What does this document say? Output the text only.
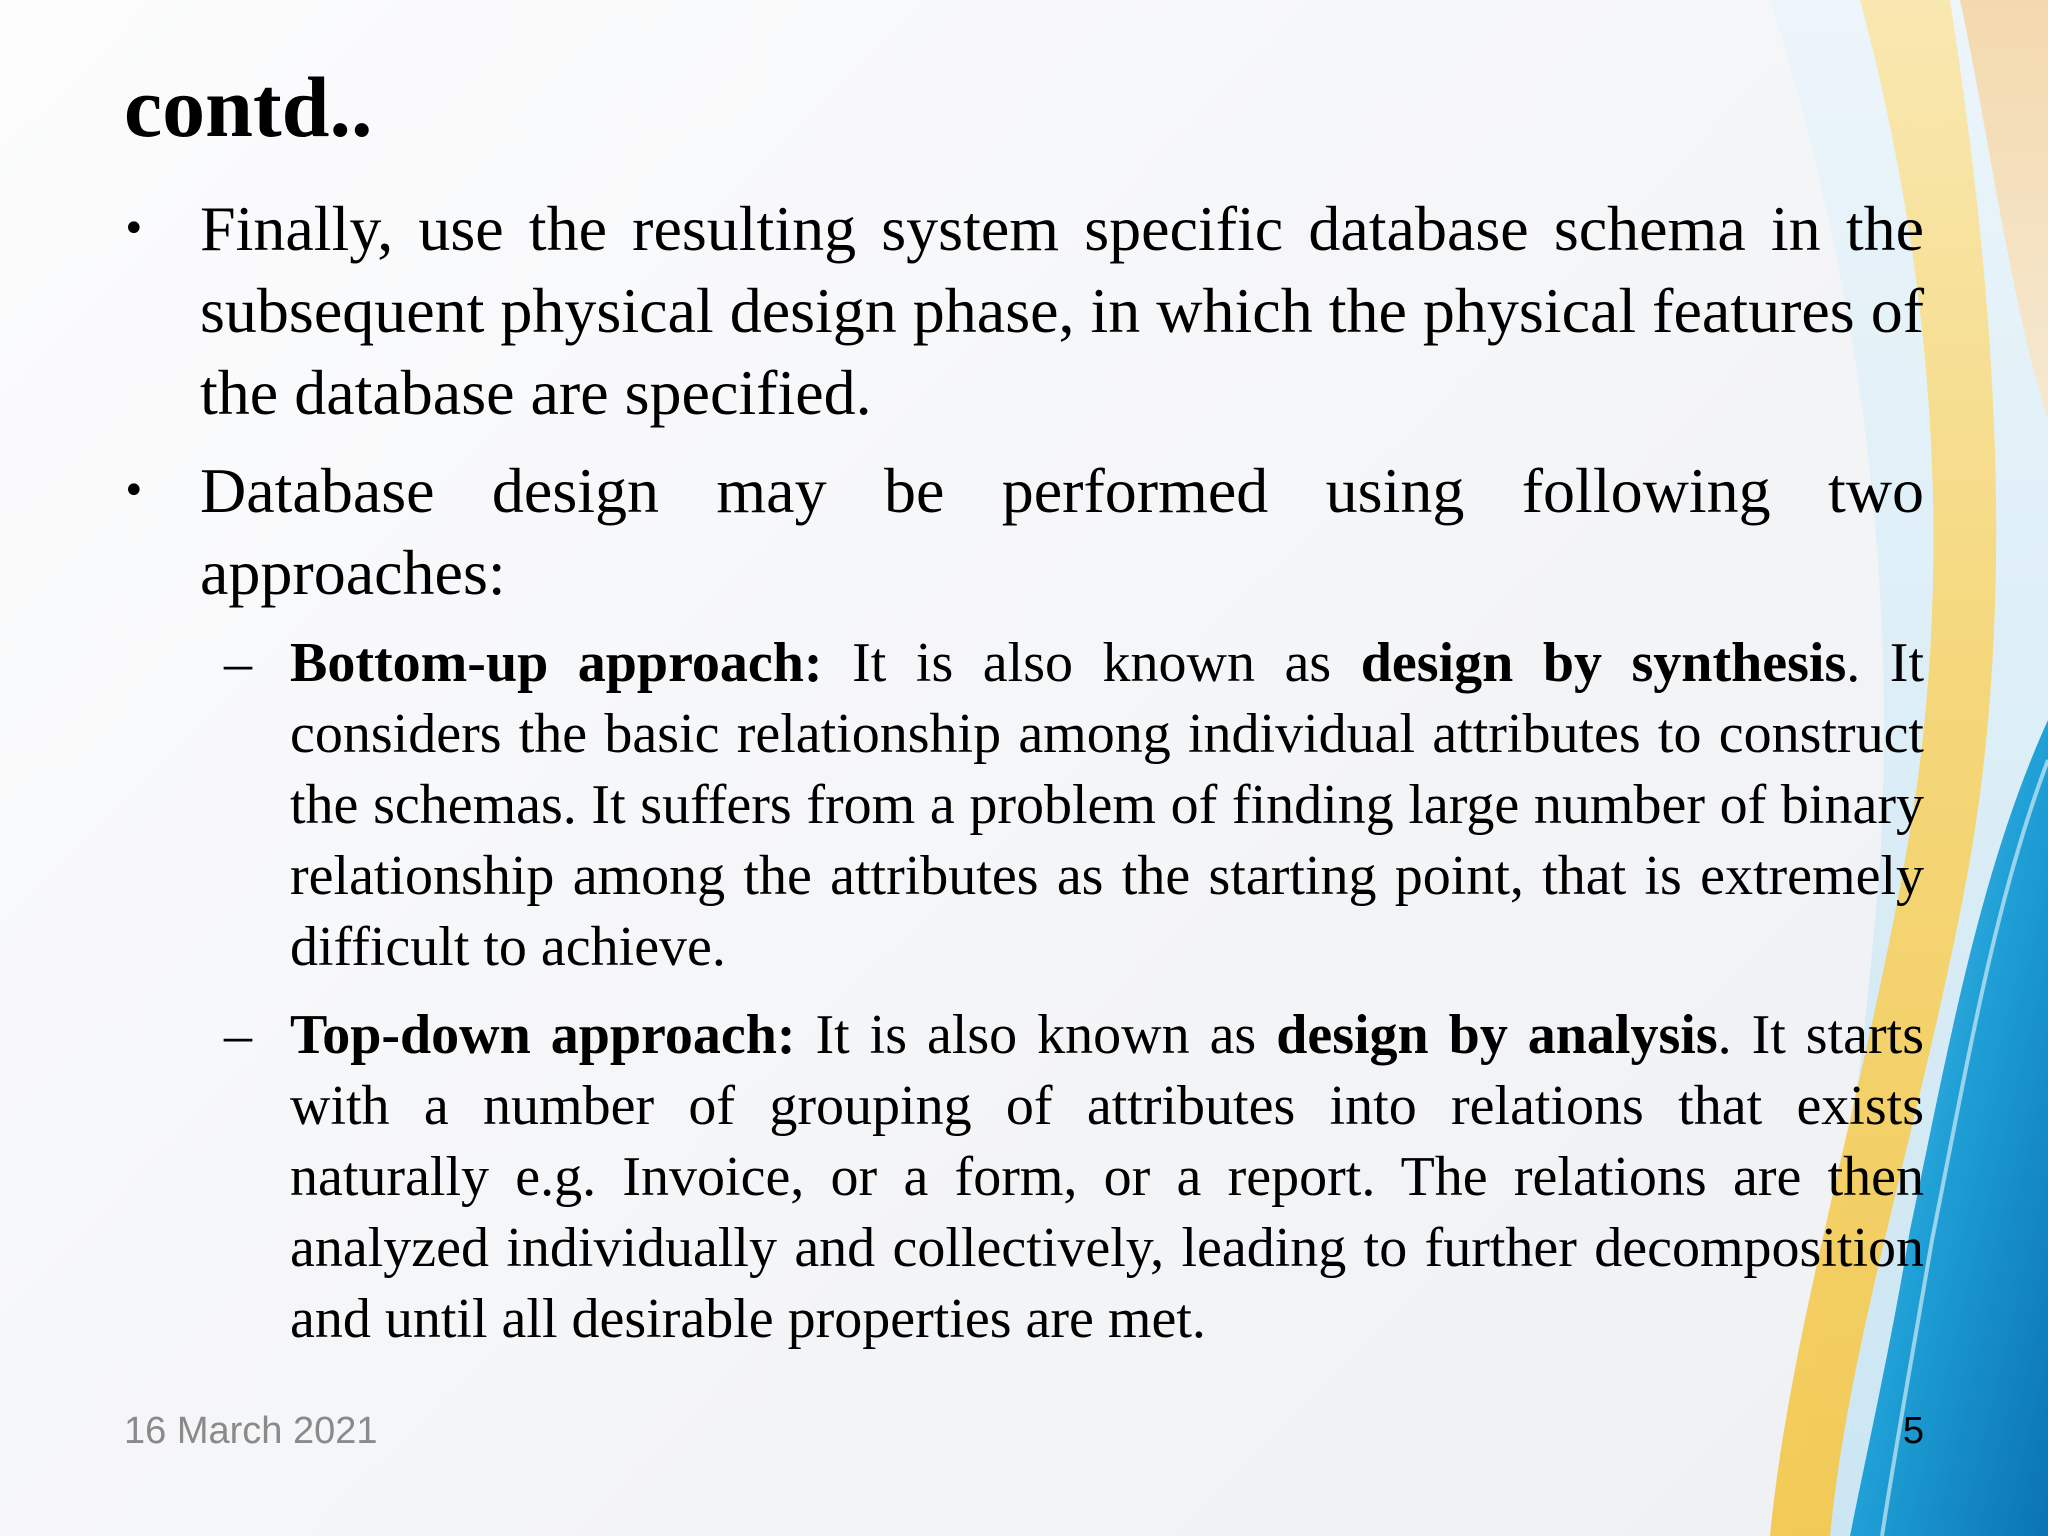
contd..

• Finally, use the resulting system specific database schema in the subsequent physical design phase, in which the physical features of the database are specified.

• Database design may be performed using following two approaches:

– Bottom-up approach: It is also known as design by synthesis. It considers the basic relationship among individual attributes to construct the schemas. It suffers from a problem of finding large number of binary relationship among the attributes as the starting point, that is extremely difficult to achieve.

– Top-down approach: It is also known as design by analysis. It starts with a number of grouping of attributes into relations that exists naturally e.g. Invoice, or a form, or a report. The relations are then analyzed individually and collectively, leading to further decomposition and until all desirable properties are met.

16 March 2021	5
